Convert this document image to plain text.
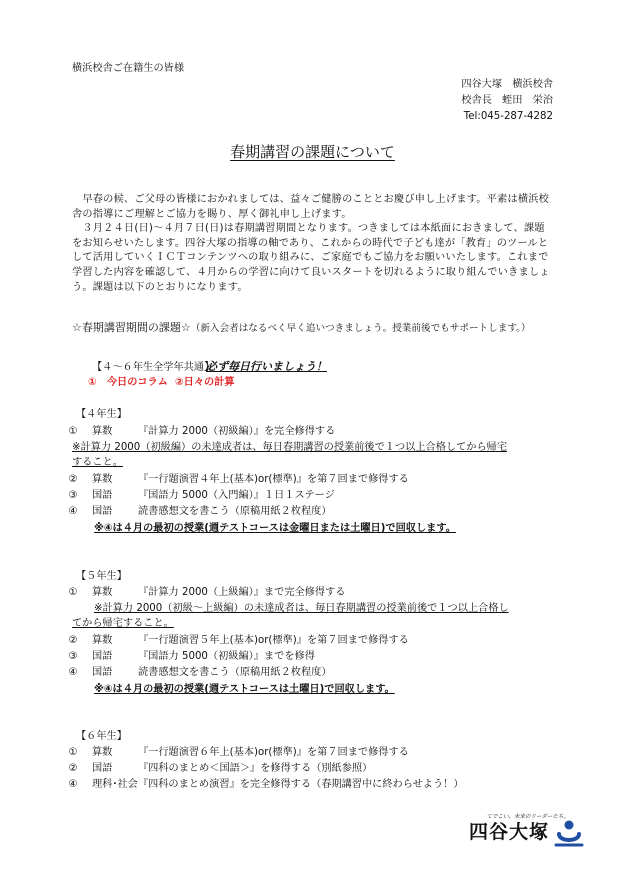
横浜校舎ご在籍生の皆様
四谷大塚　横浜校舎
校舎長　蛭田　栄治
Tel:045-287-4282
春期講習の課題について

　早春の候、ご父母の皆様におかれましては、益々ご健勝のこととお慶び申し上げます。平素は横浜校舎の指導にご理解とご協力を賜り、厚く御礼申し上げます。

　３月２４日(日)～４月７日(日)は春期講習期間となります。つきましては本紙面におきまして、課題をお知らせいたします。四谷大塚の指導の軸であり、これからの時代で子ども達が「教育」のツールとして活用していくＩＣＴコンテンツへの取り組みに、ご家庭でもご協力をお願いいたします。これまで学習した内容を確認して、４月からの学習に向けて良いスタートを切れるように取り組んでいきましょう。課題は以下のとおりになります。

☆春期講習期間の課題☆（新入会者はなるべく早く追いつきましょう。授業前後でもサポートします。）
【４～６年生全学年共通】
必ず毎日行いましょう！
①　今日のコラム ②日々の計算
【４年生】
① 算数	『計算力 2000（初級編）』を完全修得する
※計算力 2000（初級編）の未達成者は、毎日春期講習の授業前後で１つ以上合格してから帰宅
すること。
② 算数	『一行題演習４年上(基本)or(標準)』を第７回まで修得する
③ 国語	『国語力 5000（入門編）』１日１ステージ
④ 国語	読書感想文を書こう（原稿用紙２枚程度）
※④は４月の最初の授業(週テストコースは金曜日または土曜日)で回収します。
【５年生】
① 算数	『計算力 2000（上級編）』まで完全修得する
※計算力 2000（初級～上級編）の未達成者は、毎日春期講習の授業前後で１つ以上合格し
てから帰宅すること。
② 算数	『一行題演習５年上(基本)or(標準)』を第７回まで修得する
③ 国語	『国語力 5000（初級編）』までを修得
④ 国語	読書感想文を書こう（原稿用紙２枚程度）
※④は４月の最初の授業(週テストコースは土曜日)で回収します。
【６年生】
① 算数	『一行題演習６年上(基本)or(標準)』を第７回まで修得する
② 国語	『四科のまとめ＜国語＞』を修得する（別紙参照）
④ 理科･社会『四科のまとめ演習』を完全修得する（春期講習中に終わらせよう！）
てでこい、未来のリーダーたち。
四谷大塚
